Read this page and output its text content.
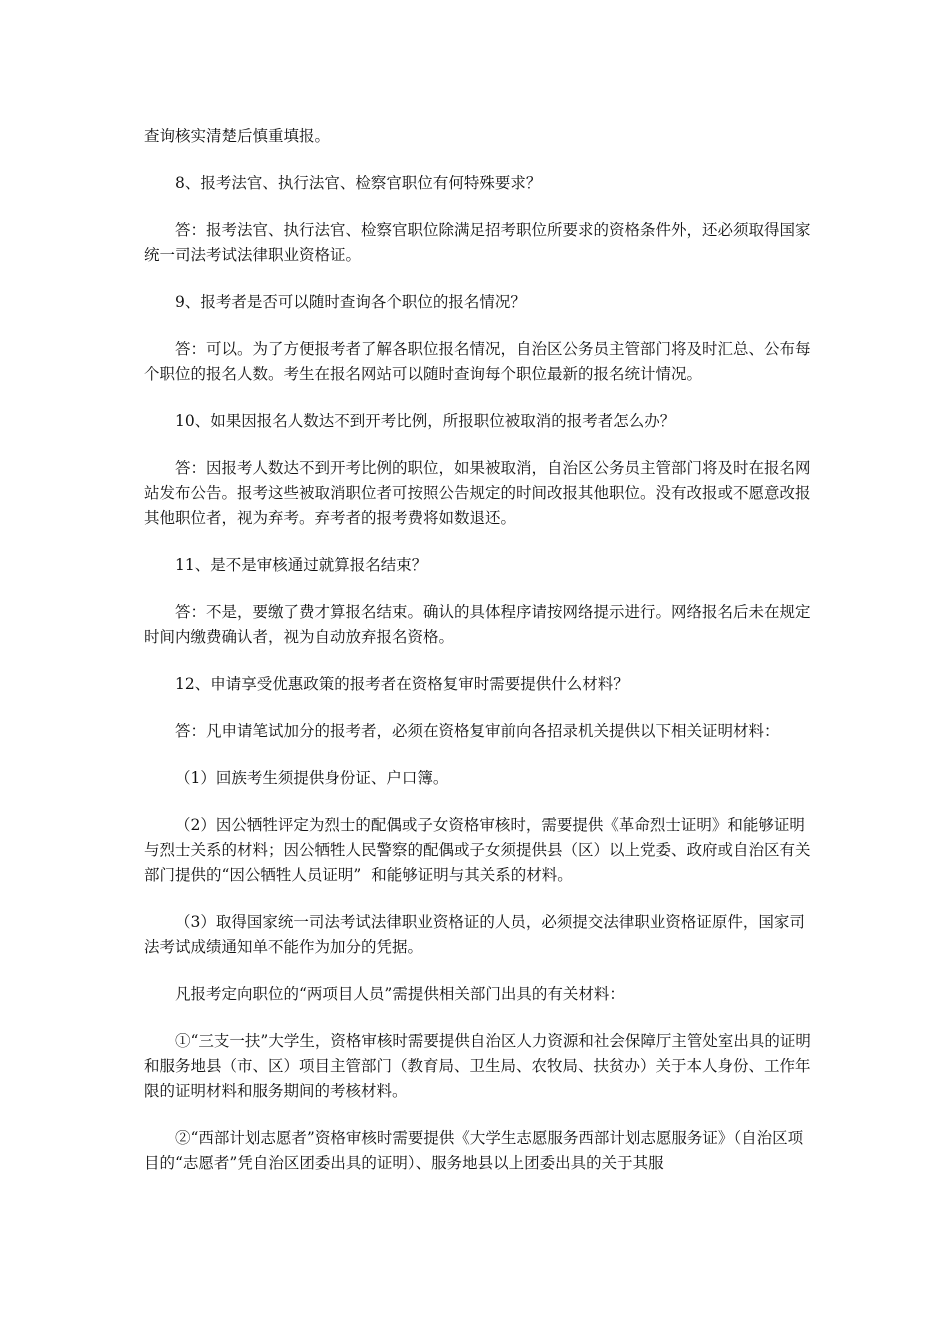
查询核实清楚后慎重填报。

8、报考法官、执行法官、检察官职位有何特殊要求？

答：报考法官、执行法官、检察官职位除满足招考职位所要求的资格条件外，还必须取得国家统一司法考试法律职业资格证。

9、报考者是否可以随时查询各个职位的报名情况？

答：可以。为了方便报考者了解各职位报名情况，自治区公务员主管部门将及时汇总、公布每个职位的报名人数。考生在报名网站可以随时查询每个职位最新的报名统计情况。

10、如果因报名人数达不到开考比例，所报职位被取消的报考者怎么办？

答：因报考人数达不到开考比例的职位，如果被取消，自治区公务员主管部门将及时在报名网站发布公告。报考这些被取消职位者可按照公告规定的时间改报其他职位。没有改报或不愿意改报其他职位者，视为弃考。弃考者的报考费将如数退还。

11、是不是审核通过就算报名结束？

答：不是，要缴了费才算报名结束。确认的具体程序请按网络提示进行。网络报名后未在规定时间内缴费确认者，视为自动放弃报名资格。

12、申请享受优惠政策的报考者在资格复审时需要提供什么材料？

答：凡申请笔试加分的报考者，必须在资格复审前向各招录机关提供以下相关证明材料：

（1）回族考生须提供身份证、户口簿。

（2）因公牺牲评定为烈士的配偶或子女资格审核时，需要提供《革命烈士证明》和能够证明与烈士关系的材料；因公牺牲人民警察的配偶或子女须提供县（区）以上党委、政府或自治区有关部门提供的“因公牺牲人员证明”  和能够证明与其关系的材料。

（3）取得国家统一司法考试法律职业资格证的人员，必须提交法律职业资格证原件，国家司法考试成绩通知单不能作为加分的凭据。

凡报考定向职位的“两项目人员”需提供相关部门出具的有关材料：

①“三支一扶”大学生，资格审核时需要提供自治区人力资源和社会保障厅主管处室出具的证明和服务地县（市、区）项目主管部门（教育局、卫生局、农牧局、扶贫办）关于本人身份、工作年限的证明材料和服务期间的考核材料。

②“西部计划志愿者”资格审核时需要提供《大学生志愿服务西部计划志愿服务证》（自治区项目的“志愿者”凭自治区团委出具的证明）、服务地县以上团委出具的关于其服
